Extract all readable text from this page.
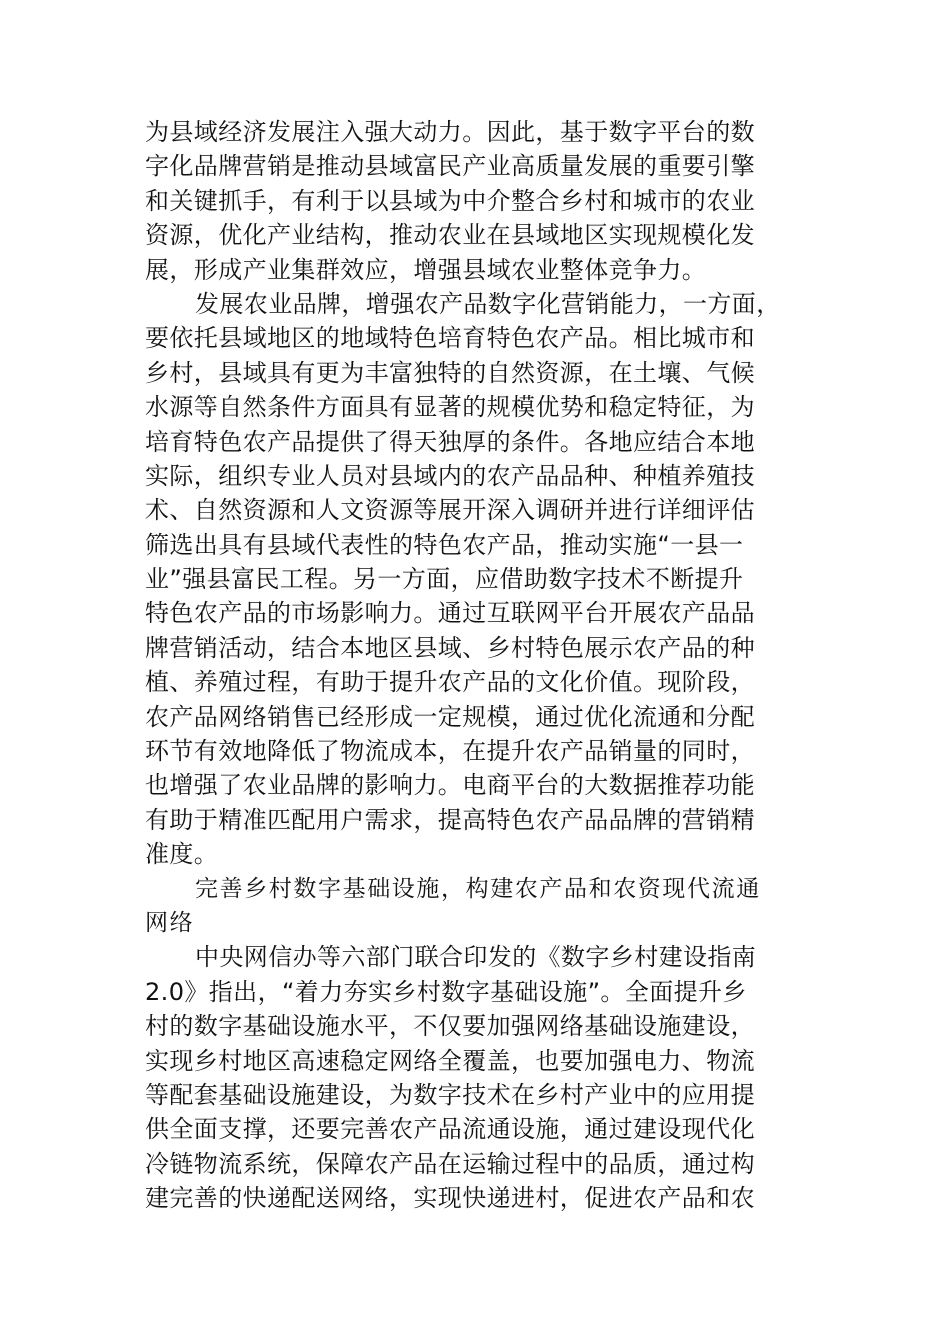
为县域经济发展注入强大动力。因此，基于数字平台的数
字化品牌营销是推动县域富民产业高质量发展的重要引擎
和关键抓手，有利于以县域为中介整合乡村和城市的农业
资源，优化产业结构，推动农业在县域地区实现规模化发
展，形成产业集群效应，增强县域农业整体竞争力。
发展农业品牌，增强农产品数字化营销能力，一方面，
要依托县域地区的地域特色培育特色农产品。相比城市和
乡村，县域具有更为丰富独特的自然资源，在土壤、气候
水源等自然条件方面具有显著的规模优势和稳定特征，为
培育特色农产品提供了得天独厚的条件。各地应结合本地
实际，组织专业人员对县域内的农产品品种、种植养殖技
术、自然资源和人文资源等展开深入调研并进行详细评估
筛选出具有县域代表性的特色农产品，推动实施“一县一
业”强县富民工程。另一方面，应借助数字技术不断提升
特色农产品的市场影响力。通过互联网平台开展农产品品
牌营销活动，结合本地区县域、乡村特色展示农产品的种
植、养殖过程，有助于提升农产品的文化价值。现阶段，
农产品网络销售已经形成一定规模，通过优化流通和分配
环节有效地降低了物流成本，在提升农产品销量的同时，
也增强了农业品牌的影响力。电商平台的大数据推荐功能
有助于精准匹配用户需求，提高特色农产品品牌的营销精
准度。
完善乡村数字基础设施，构建农产品和农资现代流通
网络
中央网信办等六部门联合印发的《数字乡村建设指南
2.0》指出，“着力夯实乡村数字基础设施”。全面提升乡
村的数字基础设施水平，不仅要加强网络基础设施建设，
实现乡村地区高速稳定网络全覆盖，也要加强电力、物流
等配套基础设施建设，为数字技术在乡村产业中的应用提
供全面支撑，还要完善农产品流通设施，通过建设现代化
冷链物流系统，保障农产品在运输过程中的品质，通过构
建完善的快递配送网络，实现快递进村，促进农产品和农
